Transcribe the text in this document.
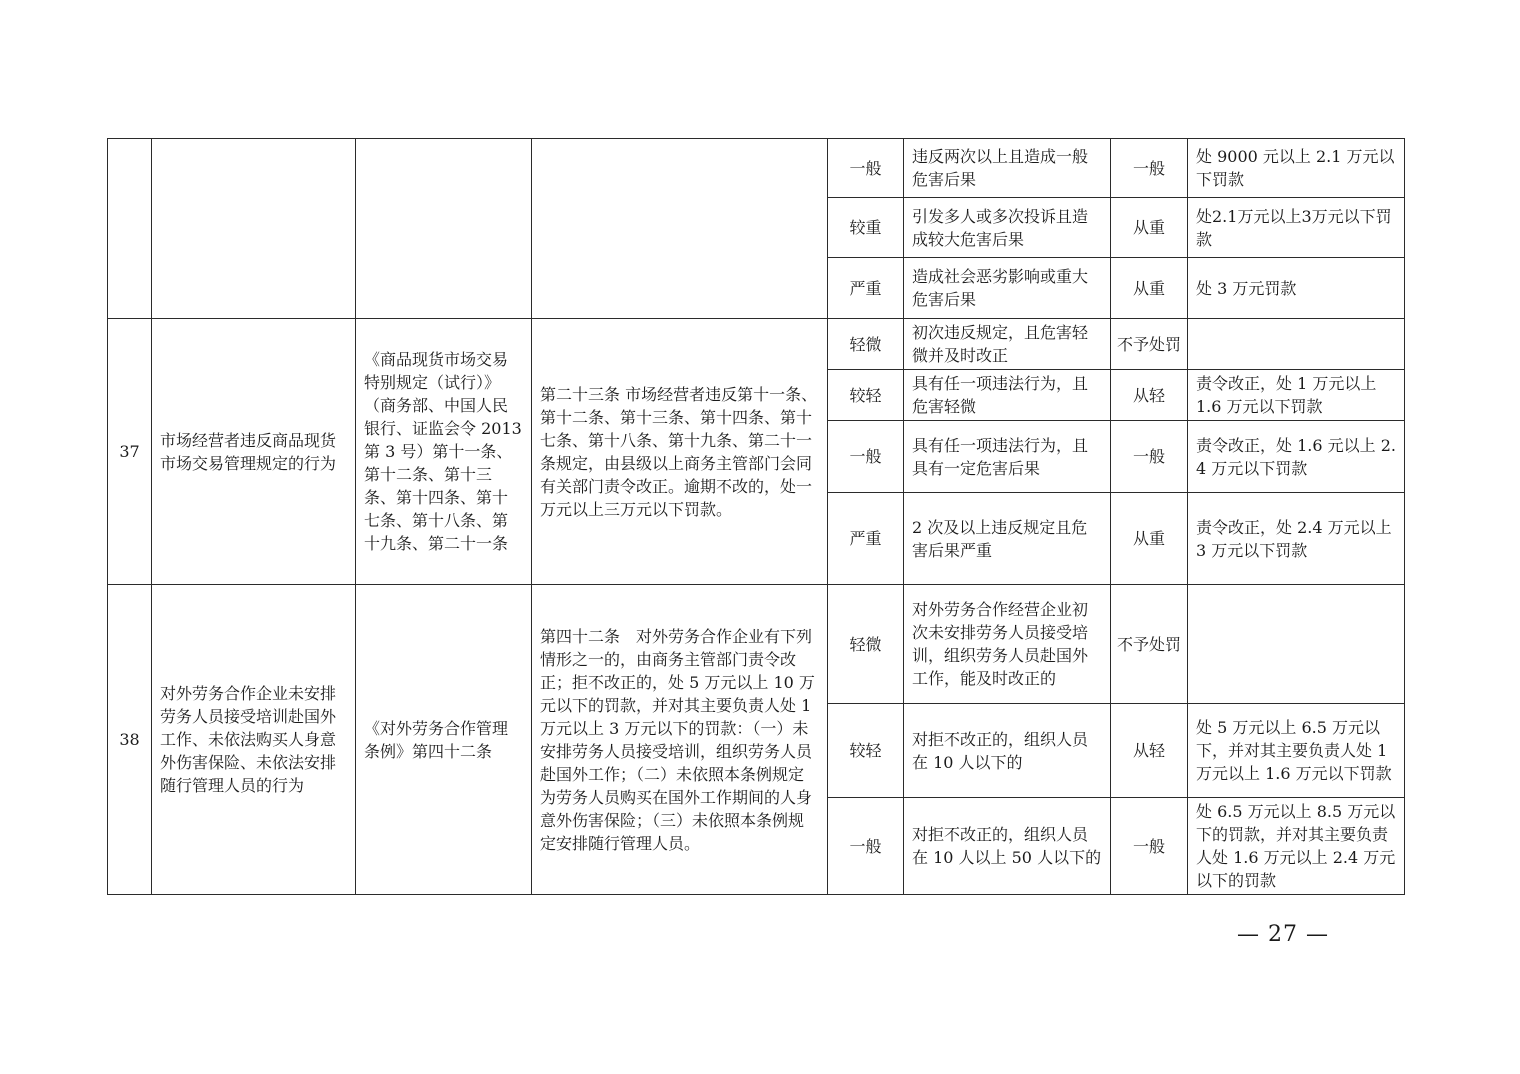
				一般	违反两次以上且造成一般危害后果	一般	处 9000 元以上 2.1 万元以下罚款
				较重	引发多人或多次投诉且造成较大危害后果	从重	处2.1万元以上3万元以下罚款
				严重	造成社会恶劣影响或重大危害后果	从重	处 3 万元罚款
37	市场经营者违反商品现货市场交易管理规定的行为	《商品现货市场交易特别规定（试行）》（商务部、中国人民银行、证监会令 2013 第 3 号）第十一条、第十二条、第十三条、第十四条、第十七条、第十八条、第十九条、第二十一条	第二十三条 市场经营者违反第十一条、第十二条、第十三条、第十四条、第十七条、第十八条、第十九条、第二十一条规定，由县级以上商务主管部门会同有关部门责令改正。逾期不改的，处一万元以上三万元以下罚款。	轻微	初次违反规定，且危害轻微并及时改正	不予处罚	
				较轻	具有任一项违法行为，且危害轻微	从轻	责令改正，处 1 万元以上 1.6 万元以下罚款
				一般	具有任一项违法行为，且具有一定危害后果	一般	责令改正，处 1.6 元以上 2.4 万元以下罚款
				严重	2 次及以上违反规定且危害后果严重	从重	责令改正，处 2.4 万元以上 3 万元以下罚款
38	对外劳务合作企业未安排劳务人员接受培训赴国外工作、未依法购买人身意外伤害保险、未依法安排随行管理人员的行为	《对外劳务合作管理条例》第四十二条	第四十二条　对外劳务合作企业有下列情形之一的，由商务主管部门责令改正；拒不改正的，处 5 万元以上 10 万元以下的罚款，并对其主要负责人处 1 万元以上 3 万元以下的罚款：（一）未安排劳务人员接受培训，组织劳务人员赴国外工作；（二）未依照本条例规定为劳务人员购买在国外工作期间的人身意外伤害保险；（三）未依照本条例规定安排随行管理人员。	轻微	对外劳务合作经营企业初次未安排劳务人员接受培训，组织劳务人员赴国外工作，能及时改正的	不予处罚	
				较轻	对拒不改正的，组织人员在 10 人以下的	从轻	处 5 万元以上 6.5 万元以下，并对其主要负责人处 1 万元以上 1.6 万元以下罚款
				一般	对拒不改正的，组织人员在 10 人以上 50 人以下的	一般	处 6.5 万元以上 8.5 万元以下的罚款，并对其主要负责人处 1.6 万元以上 2.4 万元以下的罚款
— 27 —
